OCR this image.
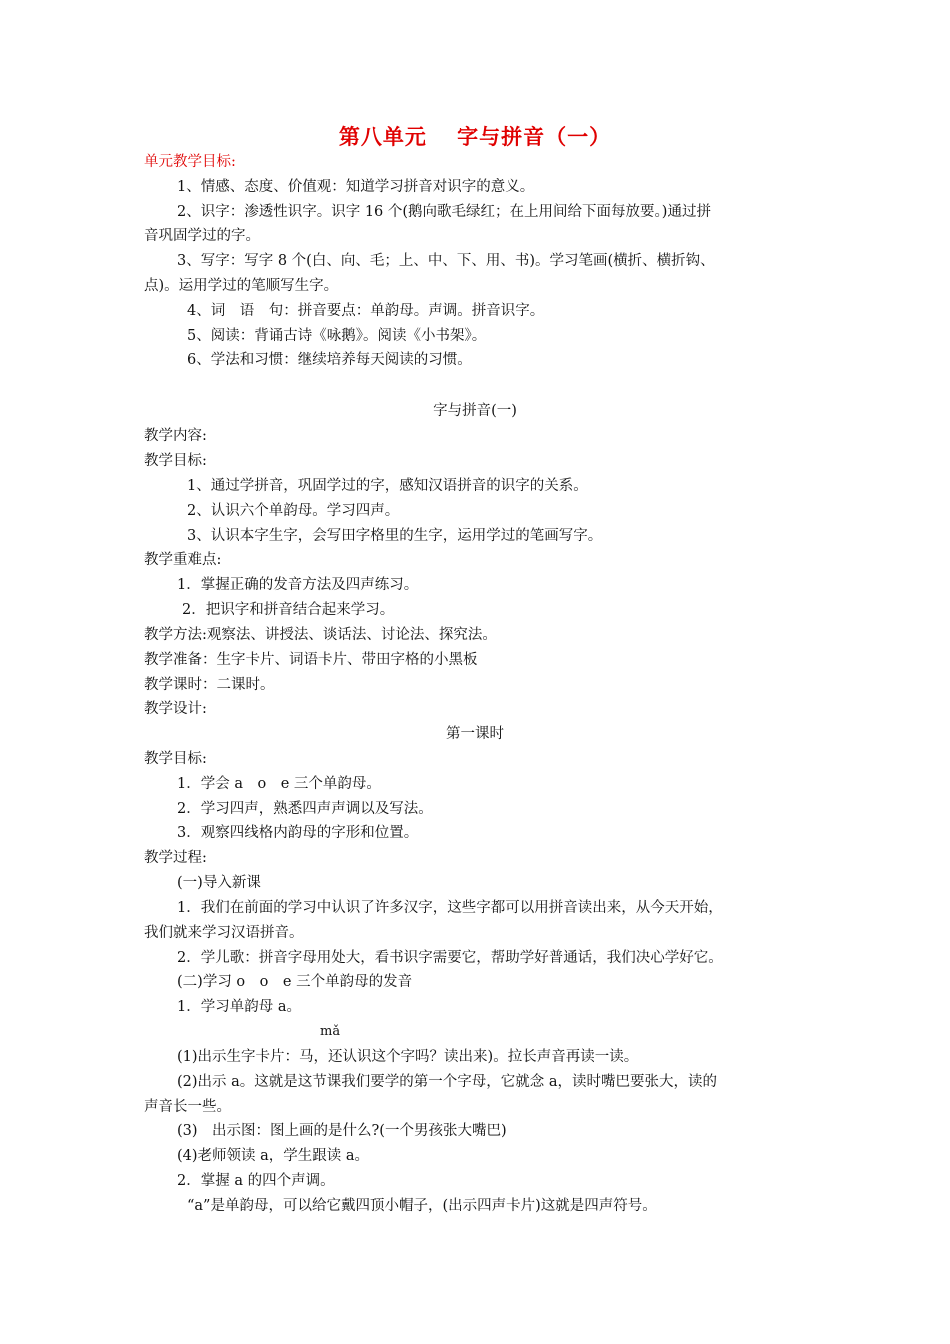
第八单元　 字与拼音（一）
单元教学目标:
1、情感、态度、价值观：知道学习拼音对识字的意义。
2、识字：渗透性识字。识字 16 个(鹅向歌毛绿红；在上用间给下面每放要。)通过拼
音巩固学过的字。
3、写字：写字 8 个(白、向、毛；上、中、下、用、书)。学习笔画(横折、横折钩、
点)。运用学过的笔顺写生字。
4、词　语　句：拼音要点：单韵母。声调。拼音识字。
5、阅读：背诵古诗《咏鹅》。阅读《小书架》。
6、学法和习惯：继续培养每天阅读的习惯。
字与拼音(一)
教学内容:
教学目标:
1、通过学拼音，巩固学过的字，感知汉语拼音的识字的关系。
2、认识六个单韵母。学习四声。
3、认识本字生字，会写田字格里的生字，运用学过的笔画写字。
教学重难点:
1．掌握正确的发音方法及四声练习。
2．把识字和拼音结合起来学习。
教学方法:观察法、讲授法、谈话法、讨论法、探究法。
教学准备：生字卡片、词语卡片、带田字格的小黑板
教学课时：二课时。
教学设计:
第一课时
教学目标:
1．学会 a　o　e 三个单韵母。
2．学习四声，熟悉四声声调以及写法。
3．观察四线格内韵母的字形和位置。
教学过程:
(一)导入新课
1．我们在前面的学习中认识了许多汉字，这些字都可以用拼音读出来，从今天开始，
我们就来学习汉语拼音。
2．学儿歌：拼音字母用处大，看书识字需要它，帮助学好普通话，我们决心学好它。
(二)学习 o　o　e 三个单韵母的发音
1．学习单韵母 a。
mǎ
(1)出示生字卡片：马，还认识这个字吗？读出来)。拉长声音再读一读。
(2)出示 a。这就是这节课我们要学的第一个字母，它就念 a，读时嘴巴要张大，读的
声音长一些。
(3)　出示图：图上画的是什么?(一个男孩张大嘴巴)
(4)老师领读 a，学生跟读 a。
2．掌握 a 的四个声调。
“a”是单韵母，可以给它戴四顶小帽子，(出示四声卡片)这就是四声符号。
